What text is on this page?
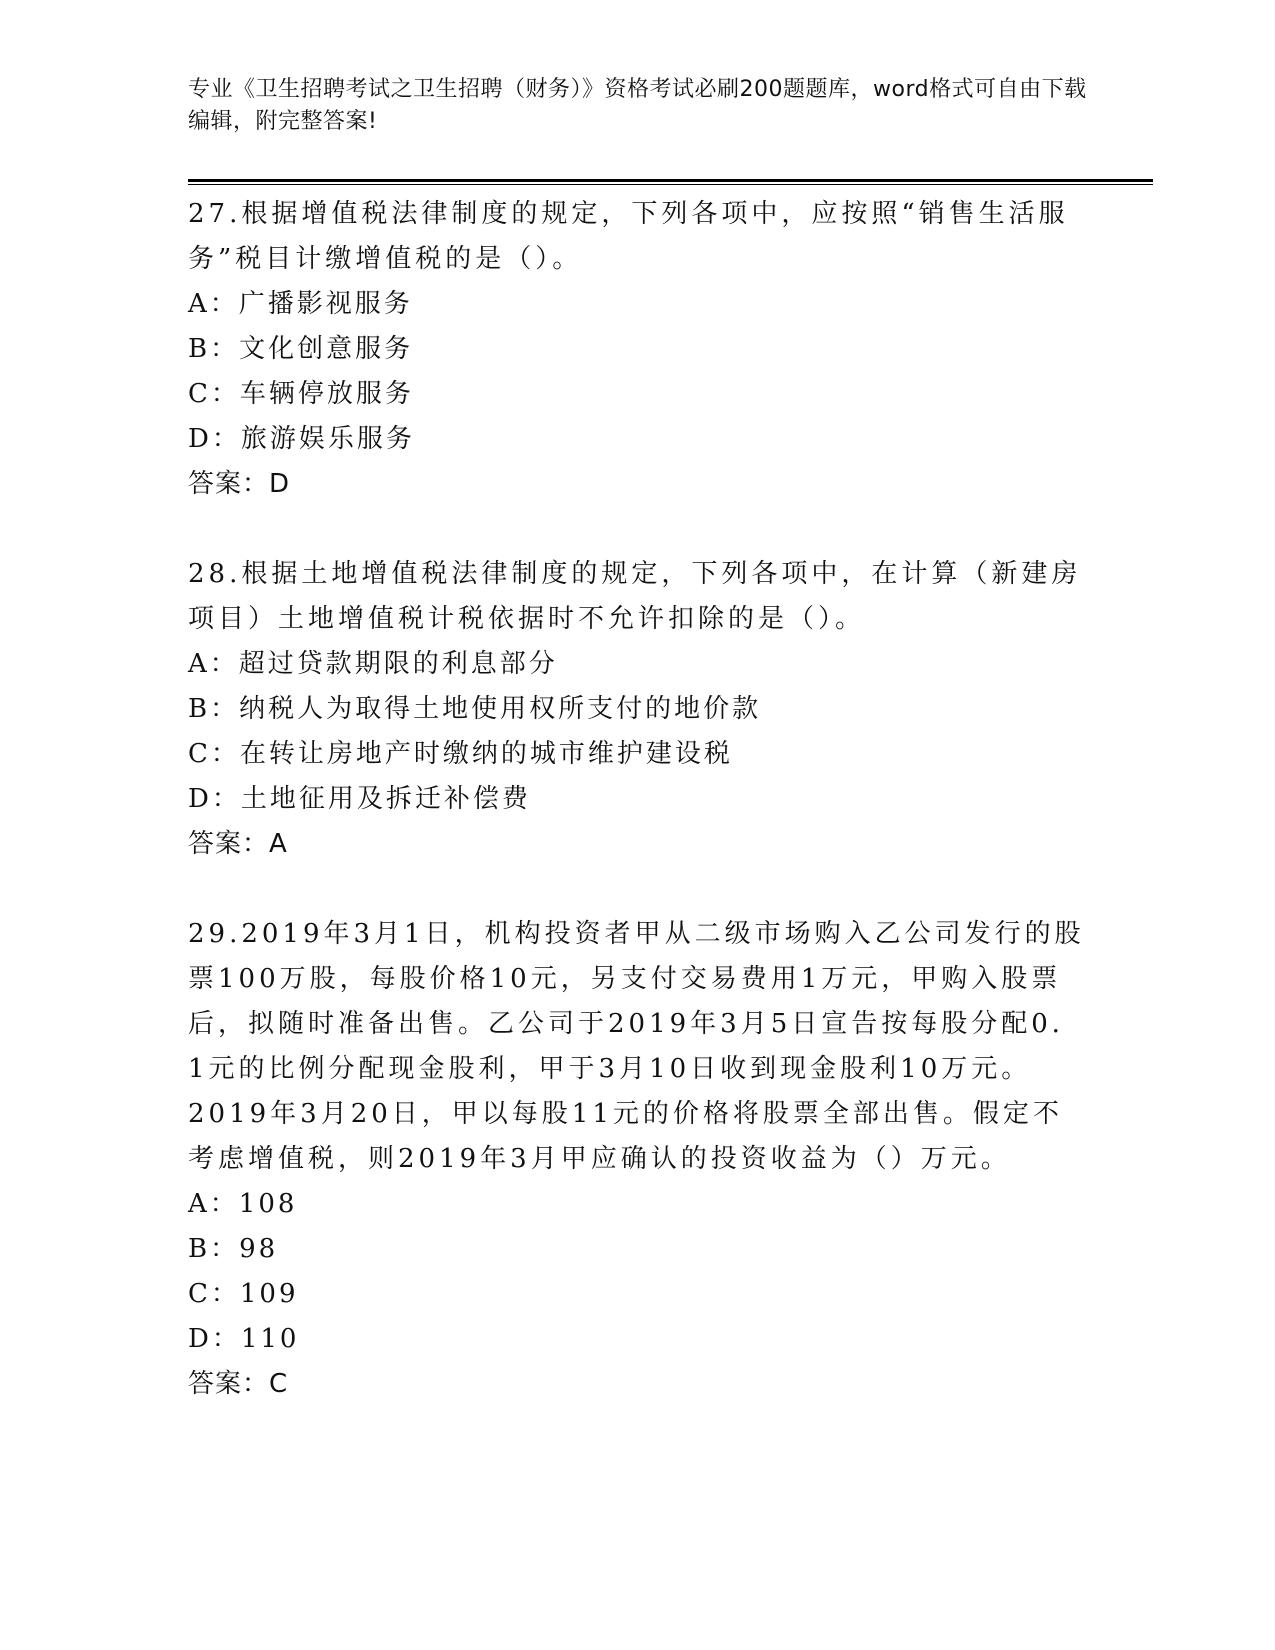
专业《卫生招聘考试之卫生招聘（财务）》资格考试必刷200题题库，word格式可自由下载编辑，附完整答案!

27.根据增值税法律制度的规定，下列各项中，应按照“销售生活服务”税目计缴增值税的是（）。

A：广播影视服务

B：文化创意服务

C：车辆停放服务

D：旅游娱乐服务

答案：D

28.根据土地增值税法律制度的规定，下列各项中，在计算（新建房项目）土地增值税计税依据时不允许扣除的是（）。

A：超过贷款期限的利息部分

B：纳税人为取得土地使用权所支付的地价款

C：在转让房地产时缴纳的城市维护建设税

D：土地征用及拆迁补偿费

答案：A

29.2019年3月1日，机构投资者甲从二级市场购入乙公司发行的股票100万股，每股价格10元，另支付交易费用1万元，甲购入股票后，拟随时准备出售。乙公司于2019年3月5日宣告按每股分配0．1元的比例分配现金股利，甲于3月10日收到现金股利10万元。2019年3月20日，甲以每股11元的价格将股票全部出售。假定不考虑增值税，则2019年3月甲应确认的投资收益为（）万元。

A：108

B：98

C：109

D：110

答案：C
